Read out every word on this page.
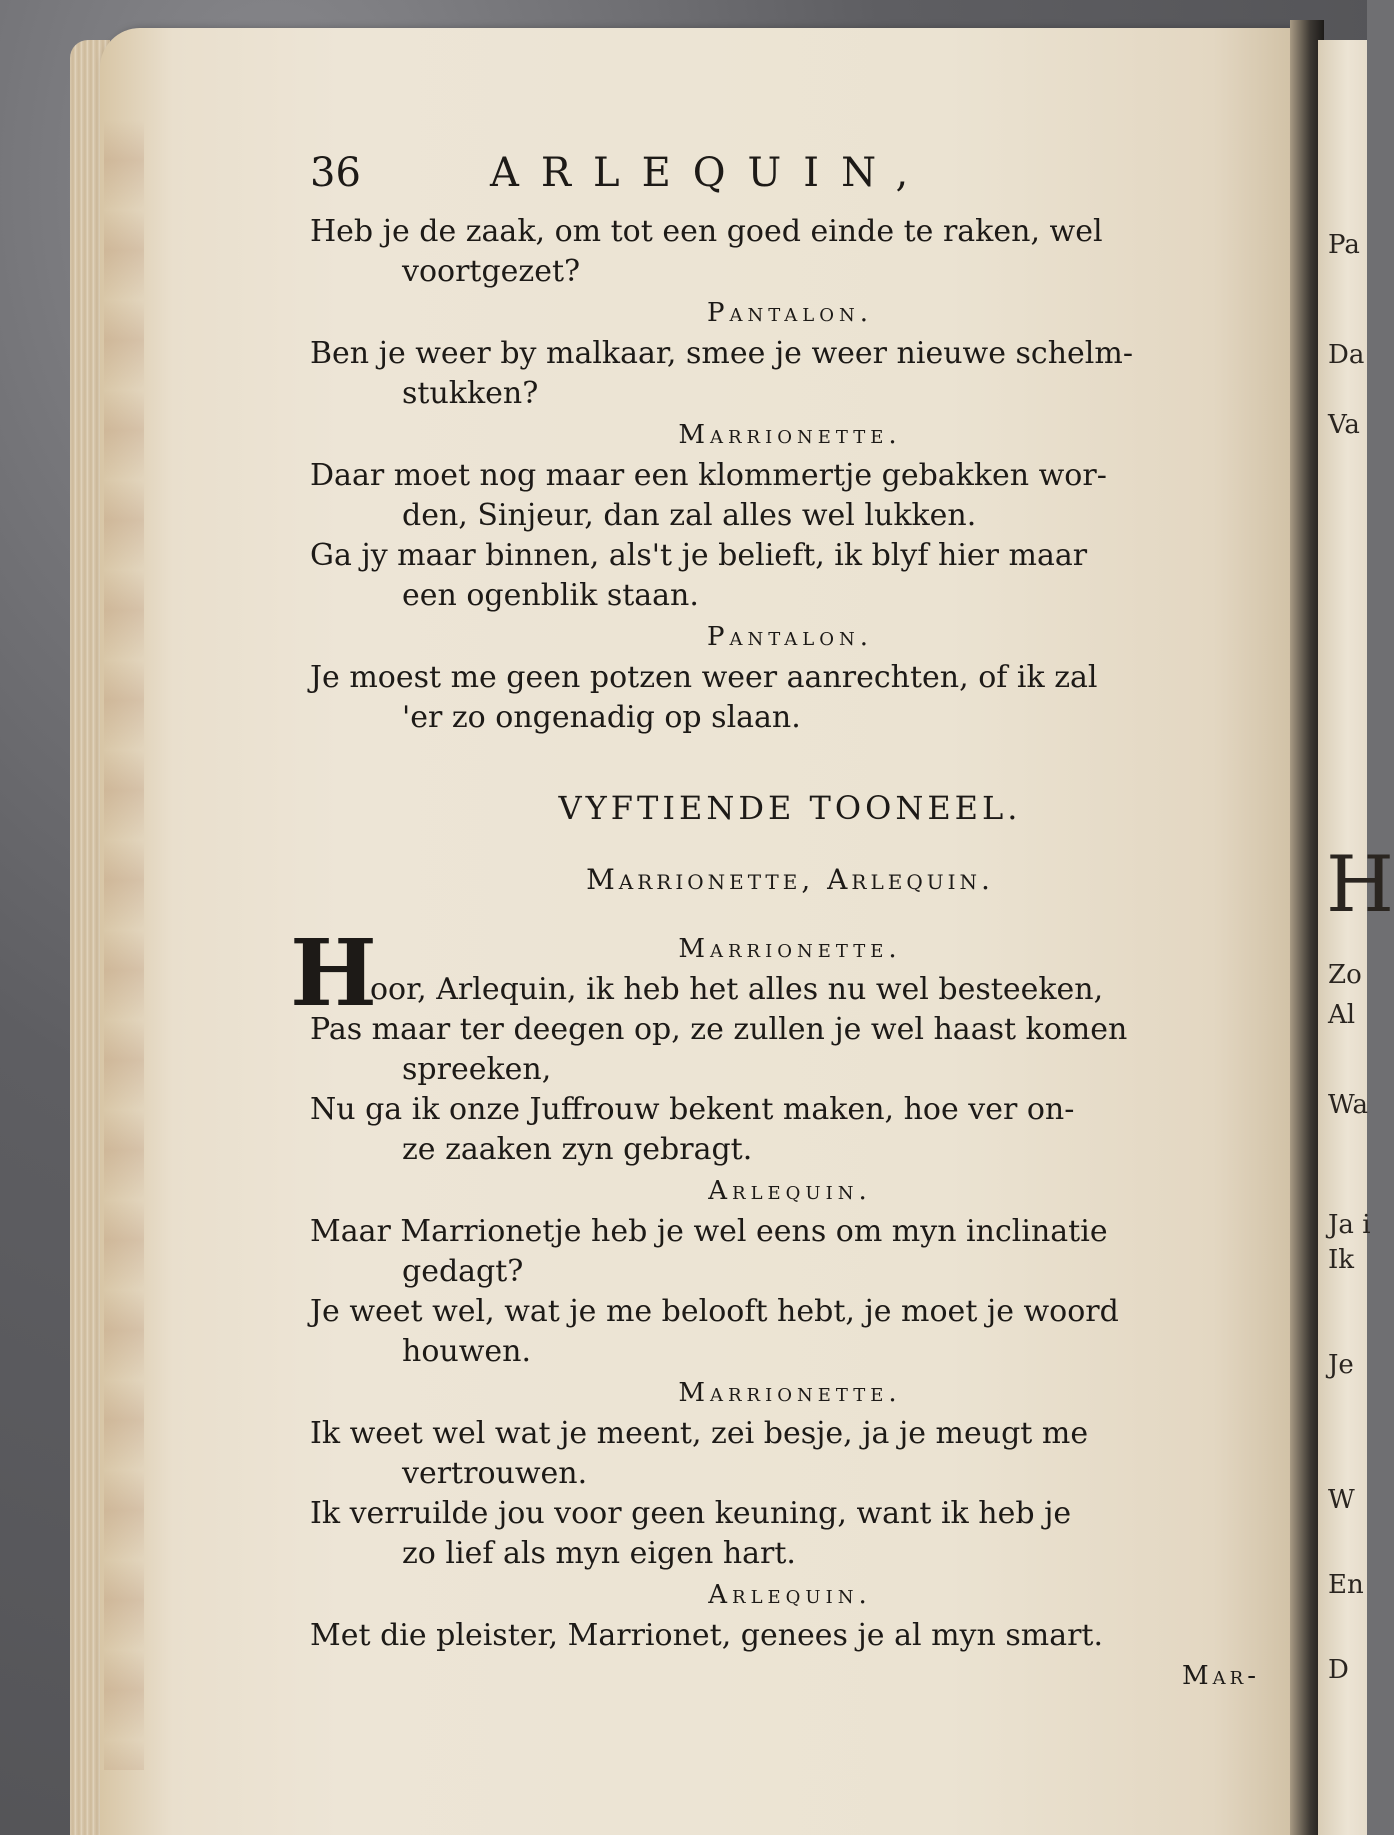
Pa
Da
Va
H
Zo
Al
Wa
Ja i
Ik
Je
W
En
D
36	ARLEQUIN,
Heb je de zaak, om tot een goed einde te raken, wel
voortgezet?
Pantalon.
Ben je weer by malkaar, smee je weer nieuwe schelm-
stukken?
Marrionette.
Daar moet nog maar een klommertje gebakken wor-
den, Sinjeur, dan zal alles wel lukken.
Ga jy maar binnen, als't je belieft, ik blyf hier maar
een ogenblik staan.
Pantalon.
Je moest me geen potzen weer aanrechten, of ik zal
'er zo ongenadig op slaan.
VYFTIENDE TOONEEL.
Marrionette, Arlequin.
H	Marrionette.
oor, Arlequin, ik heb het alles nu wel besteeken,
Pas maar ter deegen op, ze zullen je wel haast komen
spreeken,
Nu ga ik onze Juffrouw bekent maken, hoe ver on-
ze zaaken zyn gebragt.
Arlequin.
Maar Marrionetje heb je wel eens om myn inclinatie
gedagt?
Je weet wel, wat je me belooft hebt, je moet je woord
houwen.
Marrionette.
Ik weet wel wat je meent, zei besje, ja je meugt me
vertrouwen.
Ik verruilde jou voor geen keuning, want ik heb je
zo lief als myn eigen hart.
Arlequin.
Met die pleister, Marrionet, genees je al myn smart.
Mar-
